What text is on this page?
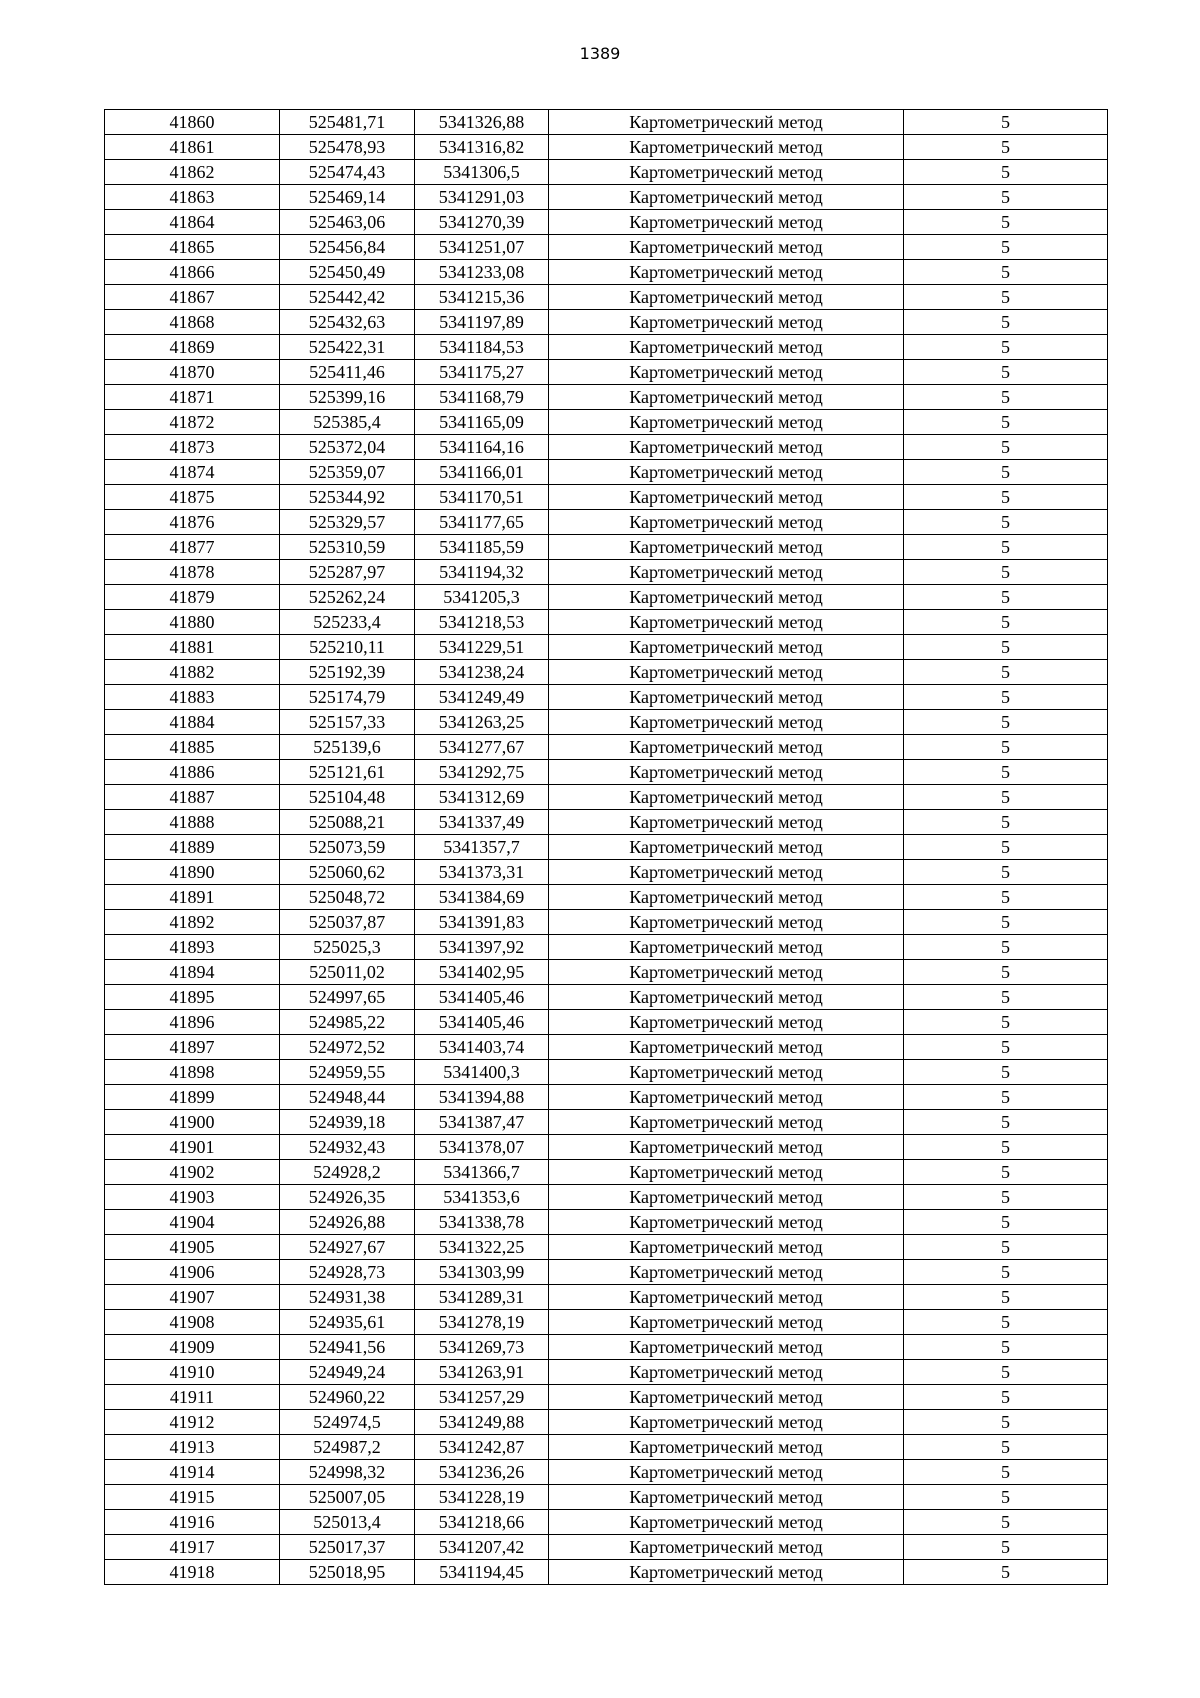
1389
41860	525481,71	5341326,88	Картометрический метод	5
41861	525478,93	5341316,82	Картометрический метод	5
41862	525474,43	5341306,5	Картометрический метод	5
41863	525469,14	5341291,03	Картометрический метод	5
41864	525463,06	5341270,39	Картометрический метод	5
41865	525456,84	5341251,07	Картометрический метод	5
41866	525450,49	5341233,08	Картометрический метод	5
41867	525442,42	5341215,36	Картометрический метод	5
41868	525432,63	5341197,89	Картометрический метод	5
41869	525422,31	5341184,53	Картометрический метод	5
41870	525411,46	5341175,27	Картометрический метод	5
41871	525399,16	5341168,79	Картометрический метод	5
41872	525385,4	5341165,09	Картометрический метод	5
41873	525372,04	5341164,16	Картометрический метод	5
41874	525359,07	5341166,01	Картометрический метод	5
41875	525344,92	5341170,51	Картометрический метод	5
41876	525329,57	5341177,65	Картометрический метод	5
41877	525310,59	5341185,59	Картометрический метод	5
41878	525287,97	5341194,32	Картометрический метод	5
41879	525262,24	5341205,3	Картометрический метод	5
41880	525233,4	5341218,53	Картометрический метод	5
41881	525210,11	5341229,51	Картометрический метод	5
41882	525192,39	5341238,24	Картометрический метод	5
41883	525174,79	5341249,49	Картометрический метод	5
41884	525157,33	5341263,25	Картометрический метод	5
41885	525139,6	5341277,67	Картометрический метод	5
41886	525121,61	5341292,75	Картометрический метод	5
41887	525104,48	5341312,69	Картометрический метод	5
41888	525088,21	5341337,49	Картометрический метод	5
41889	525073,59	5341357,7	Картометрический метод	5
41890	525060,62	5341373,31	Картометрический метод	5
41891	525048,72	5341384,69	Картометрический метод	5
41892	525037,87	5341391,83	Картометрический метод	5
41893	525025,3	5341397,92	Картометрический метод	5
41894	525011,02	5341402,95	Картометрический метод	5
41895	524997,65	5341405,46	Картометрический метод	5
41896	524985,22	5341405,46	Картометрический метод	5
41897	524972,52	5341403,74	Картометрический метод	5
41898	524959,55	5341400,3	Картометрический метод	5
41899	524948,44	5341394,88	Картометрический метод	5
41900	524939,18	5341387,47	Картометрический метод	5
41901	524932,43	5341378,07	Картометрический метод	5
41902	524928,2	5341366,7	Картометрический метод	5
41903	524926,35	5341353,6	Картометрический метод	5
41904	524926,88	5341338,78	Картометрический метод	5
41905	524927,67	5341322,25	Картометрический метод	5
41906	524928,73	5341303,99	Картометрический метод	5
41907	524931,38	5341289,31	Картометрический метод	5
41908	524935,61	5341278,19	Картометрический метод	5
41909	524941,56	5341269,73	Картометрический метод	5
41910	524949,24	5341263,91	Картометрический метод	5
41911	524960,22	5341257,29	Картометрический метод	5
41912	524974,5	5341249,88	Картометрический метод	5
41913	524987,2	5341242,87	Картометрический метод	5
41914	524998,32	5341236,26	Картометрический метод	5
41915	525007,05	5341228,19	Картометрический метод	5
41916	525013,4	5341218,66	Картометрический метод	5
41917	525017,37	5341207,42	Картометрический метод	5
41918	525018,95	5341194,45	Картометрический метод	5
